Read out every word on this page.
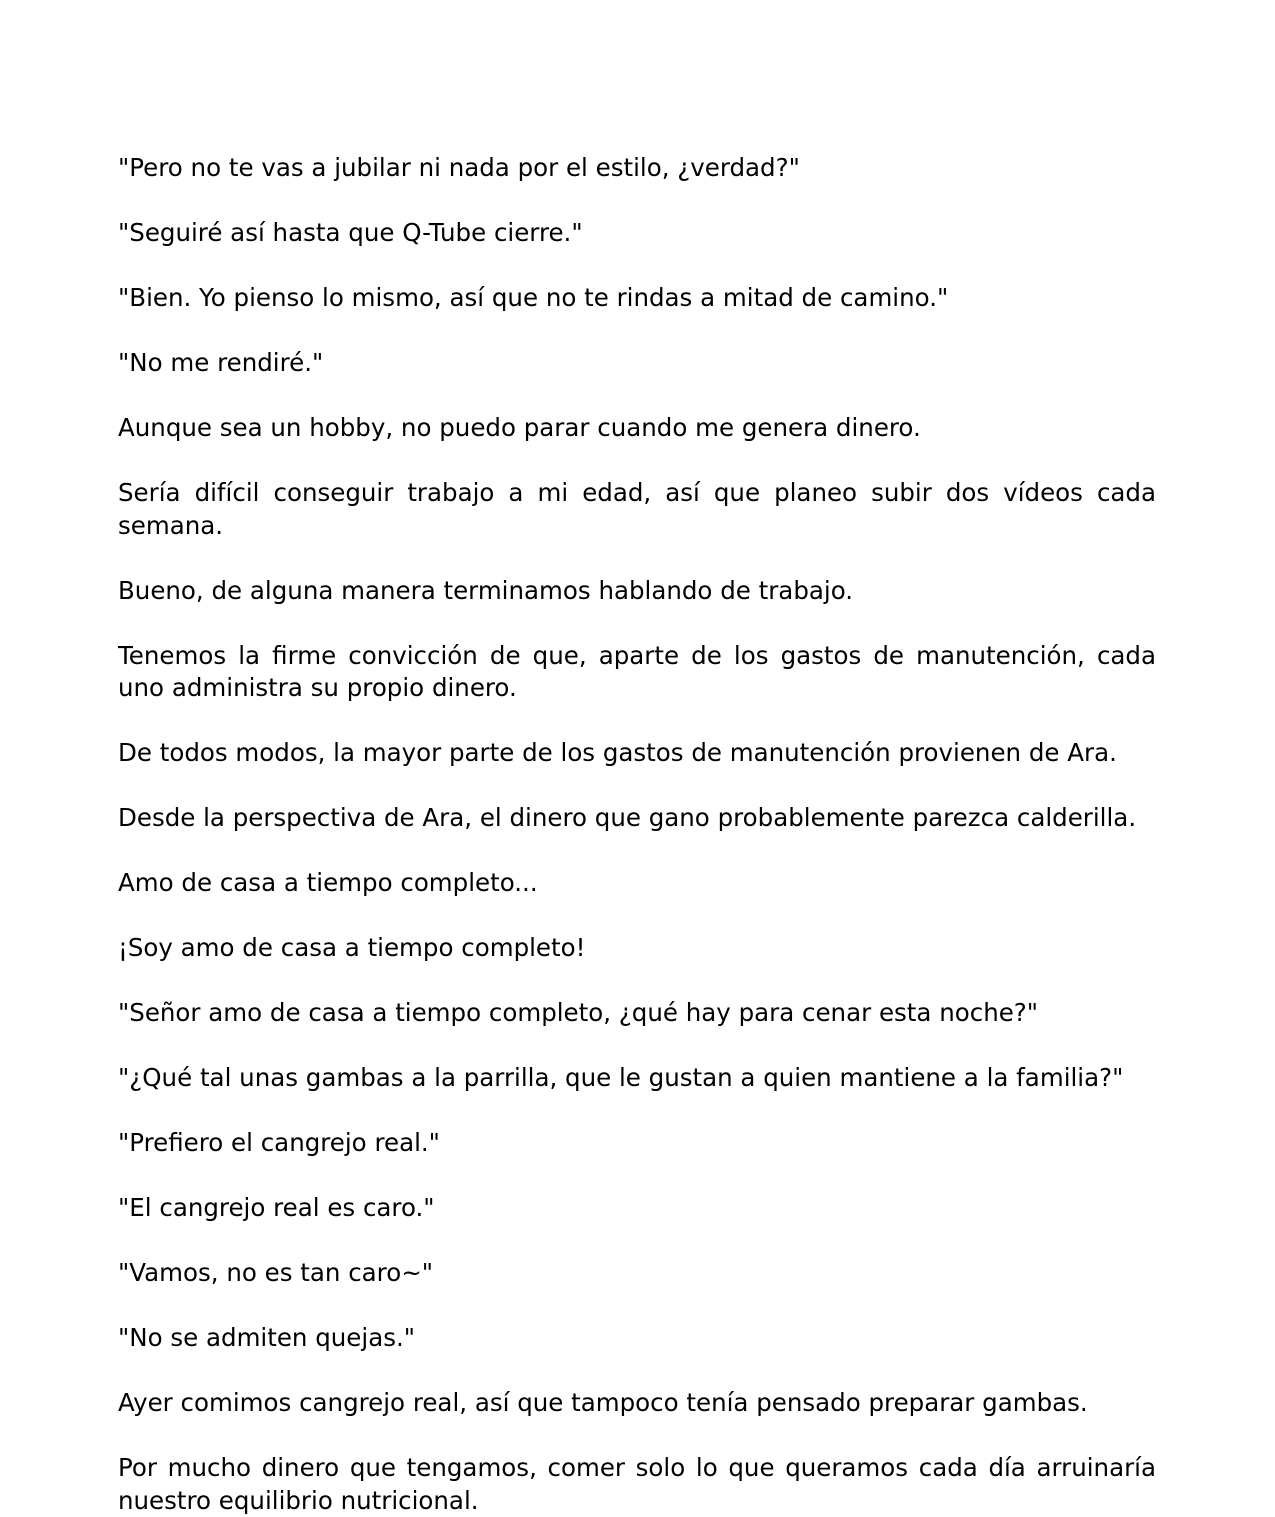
"Pero no te vas a jubilar ni nada por el estilo, ¿verdad?"

"Seguiré así hasta que Q-Tube cierre."

"Bien. Yo pienso lo mismo, así que no te rindas a mitad de camino."

"No me rendiré."

Aunque sea un hobby, no puedo parar cuando me genera dinero.

Sería difícil conseguir trabajo a mi edad, así que planeo subir dos vídeos cada semana.

Bueno, de alguna manera terminamos hablando de trabajo.

Tenemos la firme convicción de que, aparte de los gastos de manutención, cada uno administra su propio dinero.

De todos modos, la mayor parte de los gastos de manutención provienen de Ara.

Desde la perspectiva de Ara, el dinero que gano probablemente parezca calderilla.

Amo de casa a tiempo completo...

¡Soy amo de casa a tiempo completo!

"Señor amo de casa a tiempo completo, ¿qué hay para cenar esta noche?"

"¿Qué tal unas gambas a la parrilla, que le gustan a quien mantiene a la familia?"

"Prefiero el cangrejo real."

"El cangrejo real es caro."

"Vamos, no es tan caro~"

"No se admiten quejas."

Ayer comimos cangrejo real, así que tampoco tenía pensado preparar gambas.

Por mucho dinero que tengamos, comer solo lo que queramos cada día arruinaría nuestro equilibrio nutricional.
